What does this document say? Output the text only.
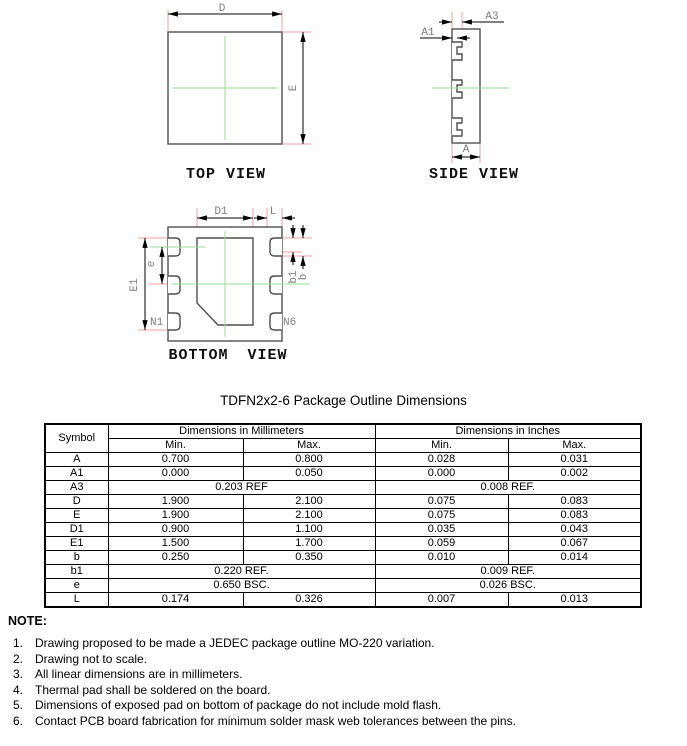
D
E
TOP VIEW
A3
A1
A
SIDE VIEW
D1	L
E1
e
b1
b
N1	N6
BOTTOM VIEW
TDFN2x2-6 Package Outline Dimensions
Symbol	Dimensions in Millimeters		Dimensions in Inches	
	Min.	Max.	Min.	Max.
A	0.700	0.800	0.028	0.031
A1	0.000	0.050	0.000	0.002
A3	0.203 REF		0.008 REF.	
D	1.900	2.100	0.075	0.083
E	1.900	2.100	0.075	0.083
D1	0.900	1.100	0.035	0.043
E1	1.500	1.700	0.059	0.067
b	0.250	0.350	0.010	0.014
b1	0.220 REF.		0.009 REF.	
e	0.650 BSC.		0.026 BSC.	
L	0.174	0.326	0.007	0.013
NOTE:
1. Drawing proposed to be made a JEDEC package outline MO-220 variation.
2. Drawing not to scale.
3. All linear dimensions are in millimeters.
4. Thermal pad shall be soldered on the board.
5. Dimensions of exposed pad on bottom of package do not include mold flash.
6. Contact PCB board fabrication for minimum solder mask web tolerances between the pins.
